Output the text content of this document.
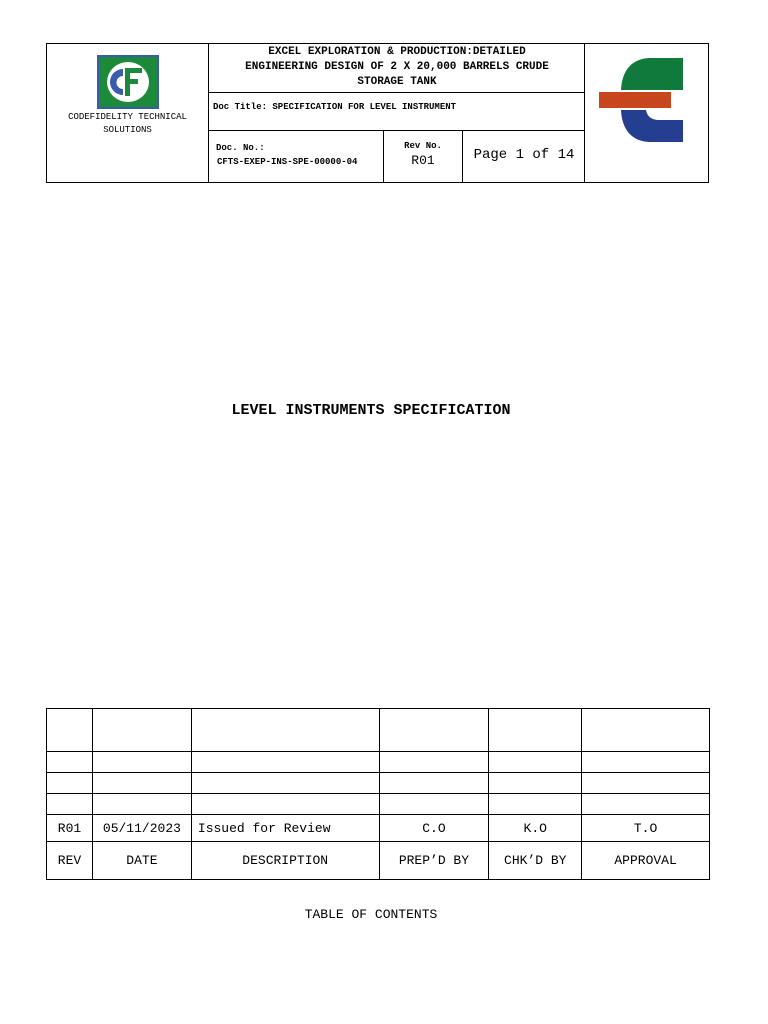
CODEFIDELITY TECHNICAL
SOLUTIONS
EXCEL EXPLORATION & PRODUCTION:DETAILED
ENGINEERING DESIGN OF 2 X 20,000 BARRELS CRUDE
STORAGE TANK
Doc Title: SPECIFICATION FOR LEVEL INSTRUMENT
Doc. No.:
CFTS-EXEP-INS-SPE-00000-04
Rev No.
R01	Page 1 of 14
LEVEL INSTRUMENTS SPECIFICATION

R01	05/11/2023	Issued for Review	C.O	K.O	T.O
REV	DATE	DESCRIPTION	PREP’D BY	CHK’D BY	APPROVAL
TABLE OF CONTENTS
